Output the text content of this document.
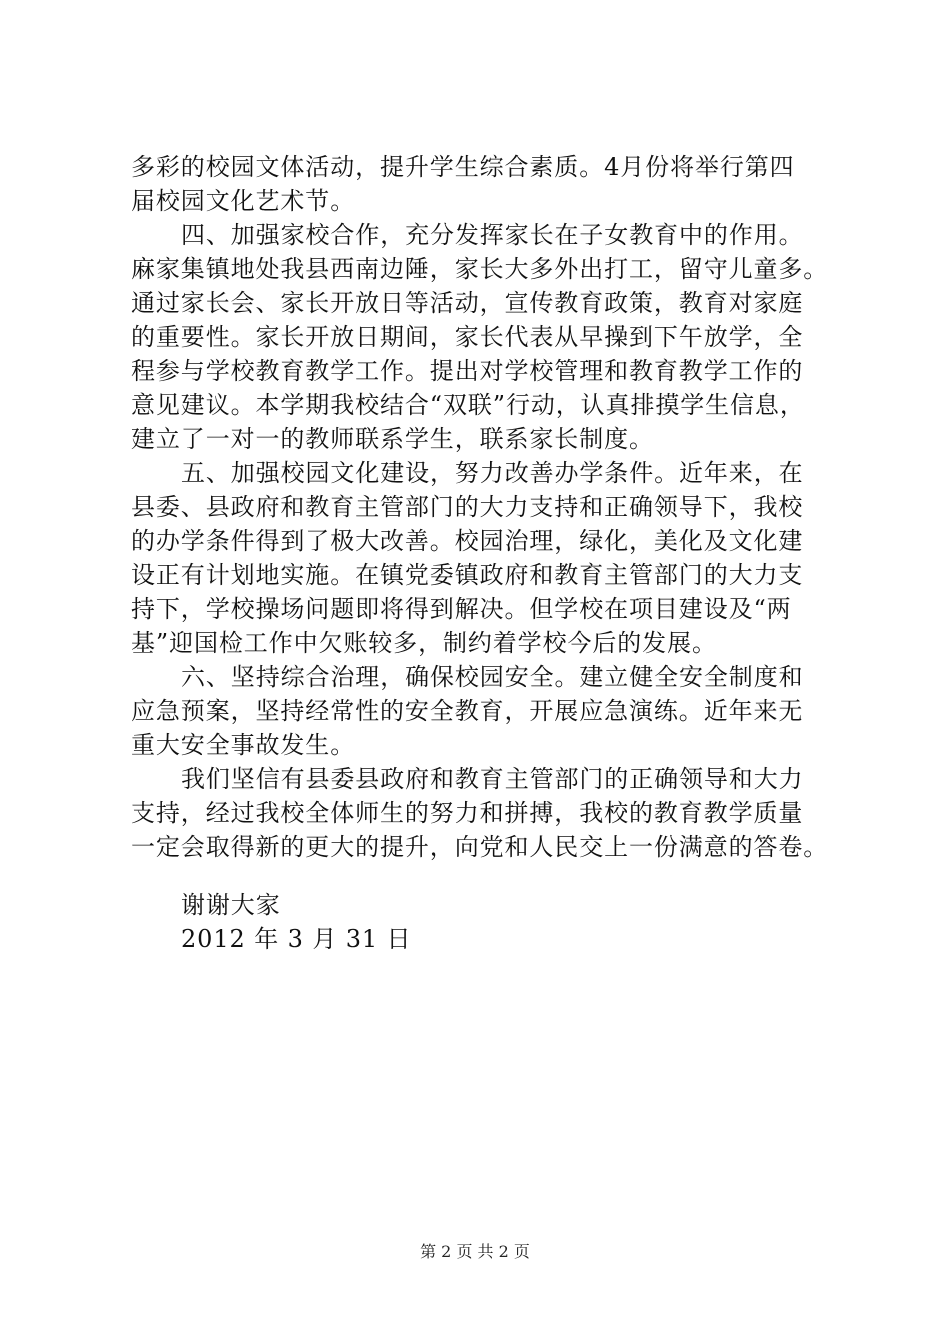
多彩的校园文体活动，提升学生综合素质。4月份将举行第四
届校园文化艺术节。
四、加强家校合作，充分发挥家长在子女教育中的作用。
麻家集镇地处我县西南边陲，家长大多外出打工，留守儿童多。
通过家长会、家长开放日等活动，宣传教育政策，教育对家庭
的重要性。家长开放日期间，家长代表从早操到下午放学，全
程参与学校教育教学工作。提出对学校管理和教育教学工作的
意见建议。本学期我校结合“双联”行动，认真排摸学生信息，
建立了一对一的教师联系学生，联系家长制度。
五、加强校园文化建设，努力改善办学条件。近年来，在
县委、县政府和教育主管部门的大力支持和正确领导下，我校
的办学条件得到了极大改善。校园治理，绿化，美化及文化建
设正有计划地实施。在镇党委镇政府和教育主管部门的大力支
持下，学校操场问题即将得到解决。但学校在项目建设及“两
基”迎国检工作中欠账较多，制约着学校今后的发展。
六、坚持综合治理，确保校园安全。建立健全安全制度和
应急预案，坚持经常性的安全教育，开展应急演练。近年来无
重大安全事故发生。
我们坚信有县委县政府和教育主管部门的正确领导和大力
支持，经过我校全体师生的努力和拼搏，我校的教育教学质量
一定会取得新的更大的提升，向党和人民交上一份满意的答卷。
谢谢大家
2012 年 3 月 31 日
第 2 页 共 2 页
